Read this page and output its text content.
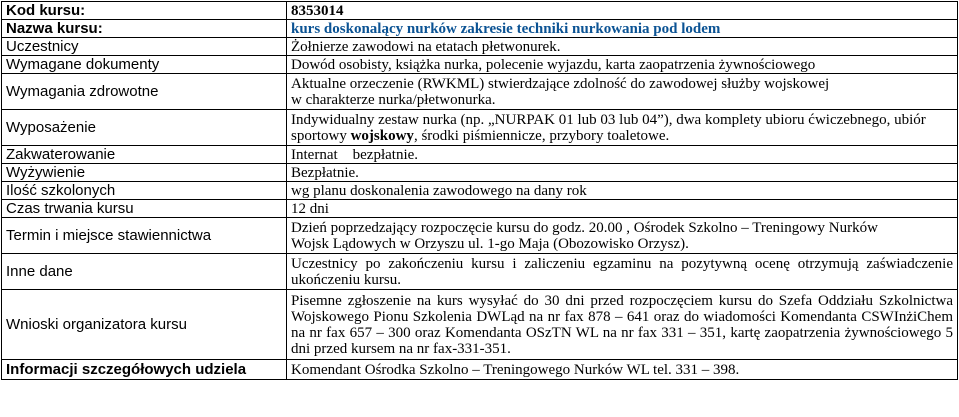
Kod kursu:	8353014
Nazwa kursu:	kurs doskonalący nurków zakresie techniki nurkowania pod lodem
Uczestnicy	Żołnierze zawodowi na etatach płetwonurek.
Wymagane dokumenty	Dowód osobisty, książka nurka, polecenie wyjazdu, karta zaopatrzenia żywnościowego
Wymagania zdrowotne	Aktualne orzeczenie (RWKML) stwierdzające zdolność do zawodowej służby wojskowej
w charakterze nurka/płetwonurka.

Wyposażenie	Indywidualny zestaw nurka (np. „NURPAK 01 lub 03 lub 04”), dwa komplety ubioru ćwiczebnego, ubiór sportowy wojskowy, środki piśmiennicze, przybory toaletowe.
Zakwaterowanie	Internat    bezpłatnie.
Wyżywienie	Bezpłatnie.
Ilość szkolonych	wg planu doskonalenia zawodowego na dany rok
Czas trwania kursu	12 dni
Termin i miejsce stawiennictwa	Dzień poprzedzający rozpoczęcie kursu do godz. 20.00 , Ośrodek Szkolno – Treningowy Nurków
Wojsk Lądowych w Orzyszu ul. 1-go Maja (Obozowisko Orzysz).

Inne dane	Uczestnicy po zakończeniu kursu i zaliczeniu egzaminu na pozytywną ocenę otrzymują zaświadczenie ukończeniu kursu.

Wnioski organizatora kursu	Pisemne zgłoszenie na kurs wysyłać do 30 dni przed rozpoczęciem kursu do Szefa Oddziału Szkolnictwa Wojskowego Pionu Szkolenia DWLąd na nr fax 878 – 641 oraz do wiadomości Komendanta CSWInżiChem na nr fax 657 – 300 oraz Komendanta OSzTN WL na nr fax 331 – 351, kartę zaopatrzenia żywnościowego 5 dni przed kursem na nr fax-331-351.

Informacji szczegółowych udziela	Komendant Ośrodka Szkolno – Treningowego Nurków WL tel. 331 – 398.
